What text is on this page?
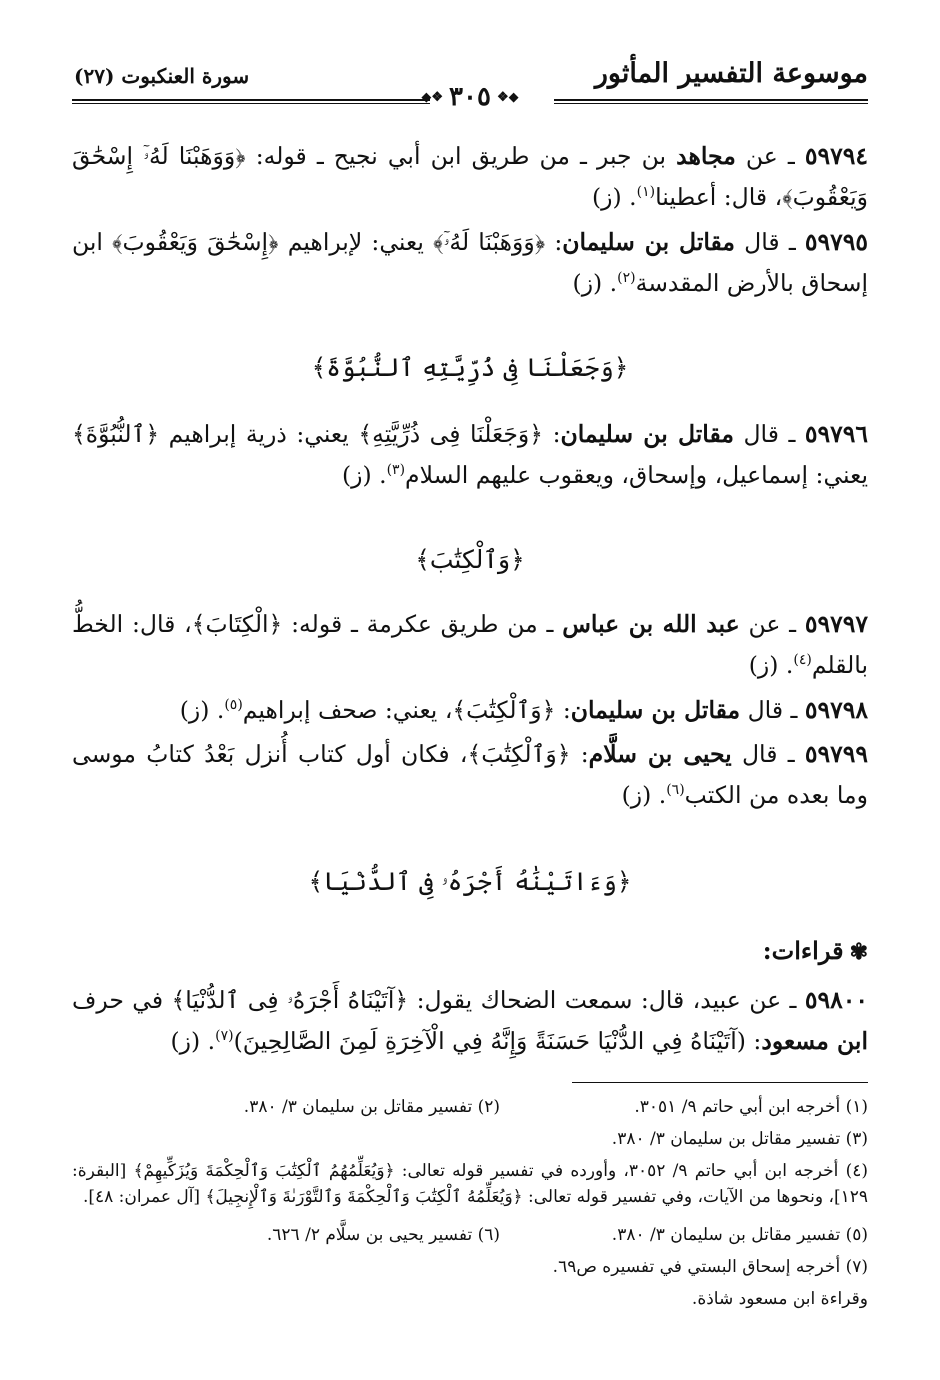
موسوعة التفسير المأثور
سورة العنكبوت (٢٧)
◆❖٣٠٥❖◆
٥٩٧٩٤ ـ عن مجاهد بن جبر ـ من طريق ابن أبي نجيح ـ قوله: ﴿وَوَهَبْنَا لَهُۥٓ إِسْحَٰقَ وَيَعْقُوبَ﴾، قال: أعطينا$^{(١)}$. (ز)
٥٩٧٩٥ ـ قال مقاتل بن سليمان: ﴿وَوَهَبْنَا لَهُۥٓ﴾ يعني: لإبراهيم ﴿إِسْحَٰقَ وَيَعْقُوبَ﴾ ابن إسحاق بالأرض المقدسة$^{(٢)}$. (ز)
﴿وَجَعَلْنَا فِى ذُرِّيَّتِهِ ٱلنُّبُوَّةَ﴾
٥٩٧٩٦ ـ قال مقاتل بن سليمان: ﴿وَجَعَلْنَا فِى ذُرِّيَّتِهِ﴾ يعني: ذرية إبراهيم ﴿ٱلنُّبُوَّةَ﴾ يعني: إسماعيل، وإسحاق، ويعقوب عليهم السلام$^{(٣)}$. (ز)
﴿وَٱلْكِتَٰبَ﴾
٥٩٧٩٧ ـ عن عبد الله بن عباس ـ من طريق عكرمة ـ قوله: ﴿الْكِتَابَ﴾، قال: الخطُّ بالقلم$^{(٤)}$. (ز)
٥٩٧٩٨ ـ قال مقاتل بن سليمان: ﴿وَٱلْكِتَٰبَ﴾، يعني: صحف إبراهيم$^{(٥)}$. (ز)
٥٩٧٩٩ ـ قال يحيى بن سلَّام: ﴿وَٱلْكِتَٰبَ﴾، فكان أول كتاب أُنزل بَعْدُ كتابُ موسى وما بعده من الكتب$^{(٦)}$. (ز)
﴿وَءَاتَيْنَٰهُ أَجْرَهُۥ فِى ٱلدُّنْيَا﴾
✾قراءات:
٥٩٨٠٠ ـ عن عبيد، قال: سمعت الضحاك يقول: ﴿آتَيْنَاهُ أَجْرَهُۥ فِى ٱلدُّنْيَا﴾ في حرف ابن مسعود: (آتَيْنَاهُ فِي الدُّنْيَا حَسَنَةً وَإِنَّهُ فِي الْآخِرَةِ لَمِنَ الصَّالِحِينَ)$^{(٧)}$. (ز)
(١) أخرجه ابن أبي حاتم ٩/ ٣٠٥١.
(٢) تفسير مقاتل بن سليمان ٣/ ٣٨٠.
(٣) تفسير مقاتل بن سليمان ٣/ ٣٨٠.
(٤) أخرجه ابن أبي حاتم ٩/ ٣٠٥٢، وأورده في تفسير قوله تعالى: ﴿وَيُعَلِّمُهُمُ ٱلْكِتَٰبَ وَٱلْحِكْمَةَ وَيُزَكِّيهِمْ﴾ [البقرة: ١٢٩]، ونحوها من الآيات، وفي تفسير قوله تعالى: ﴿وَيُعَلِّمُهُ ٱلْكِتَٰبَ وَٱلْحِكْمَةَ وَٱلتَّوْرَىٰةَ وَٱلْإِنجِيلَ﴾ [آل عمران: ٤٨].
(٥) تفسير مقاتل بن سليمان ٣/ ٣٨٠.
(٦) تفسير يحيى بن سلَّام ٢/ ٦٢٦.
(٧) أخرجه إسحاق البستي في تفسيره ص٦٩.
وقراءة ابن مسعود شاذة.
